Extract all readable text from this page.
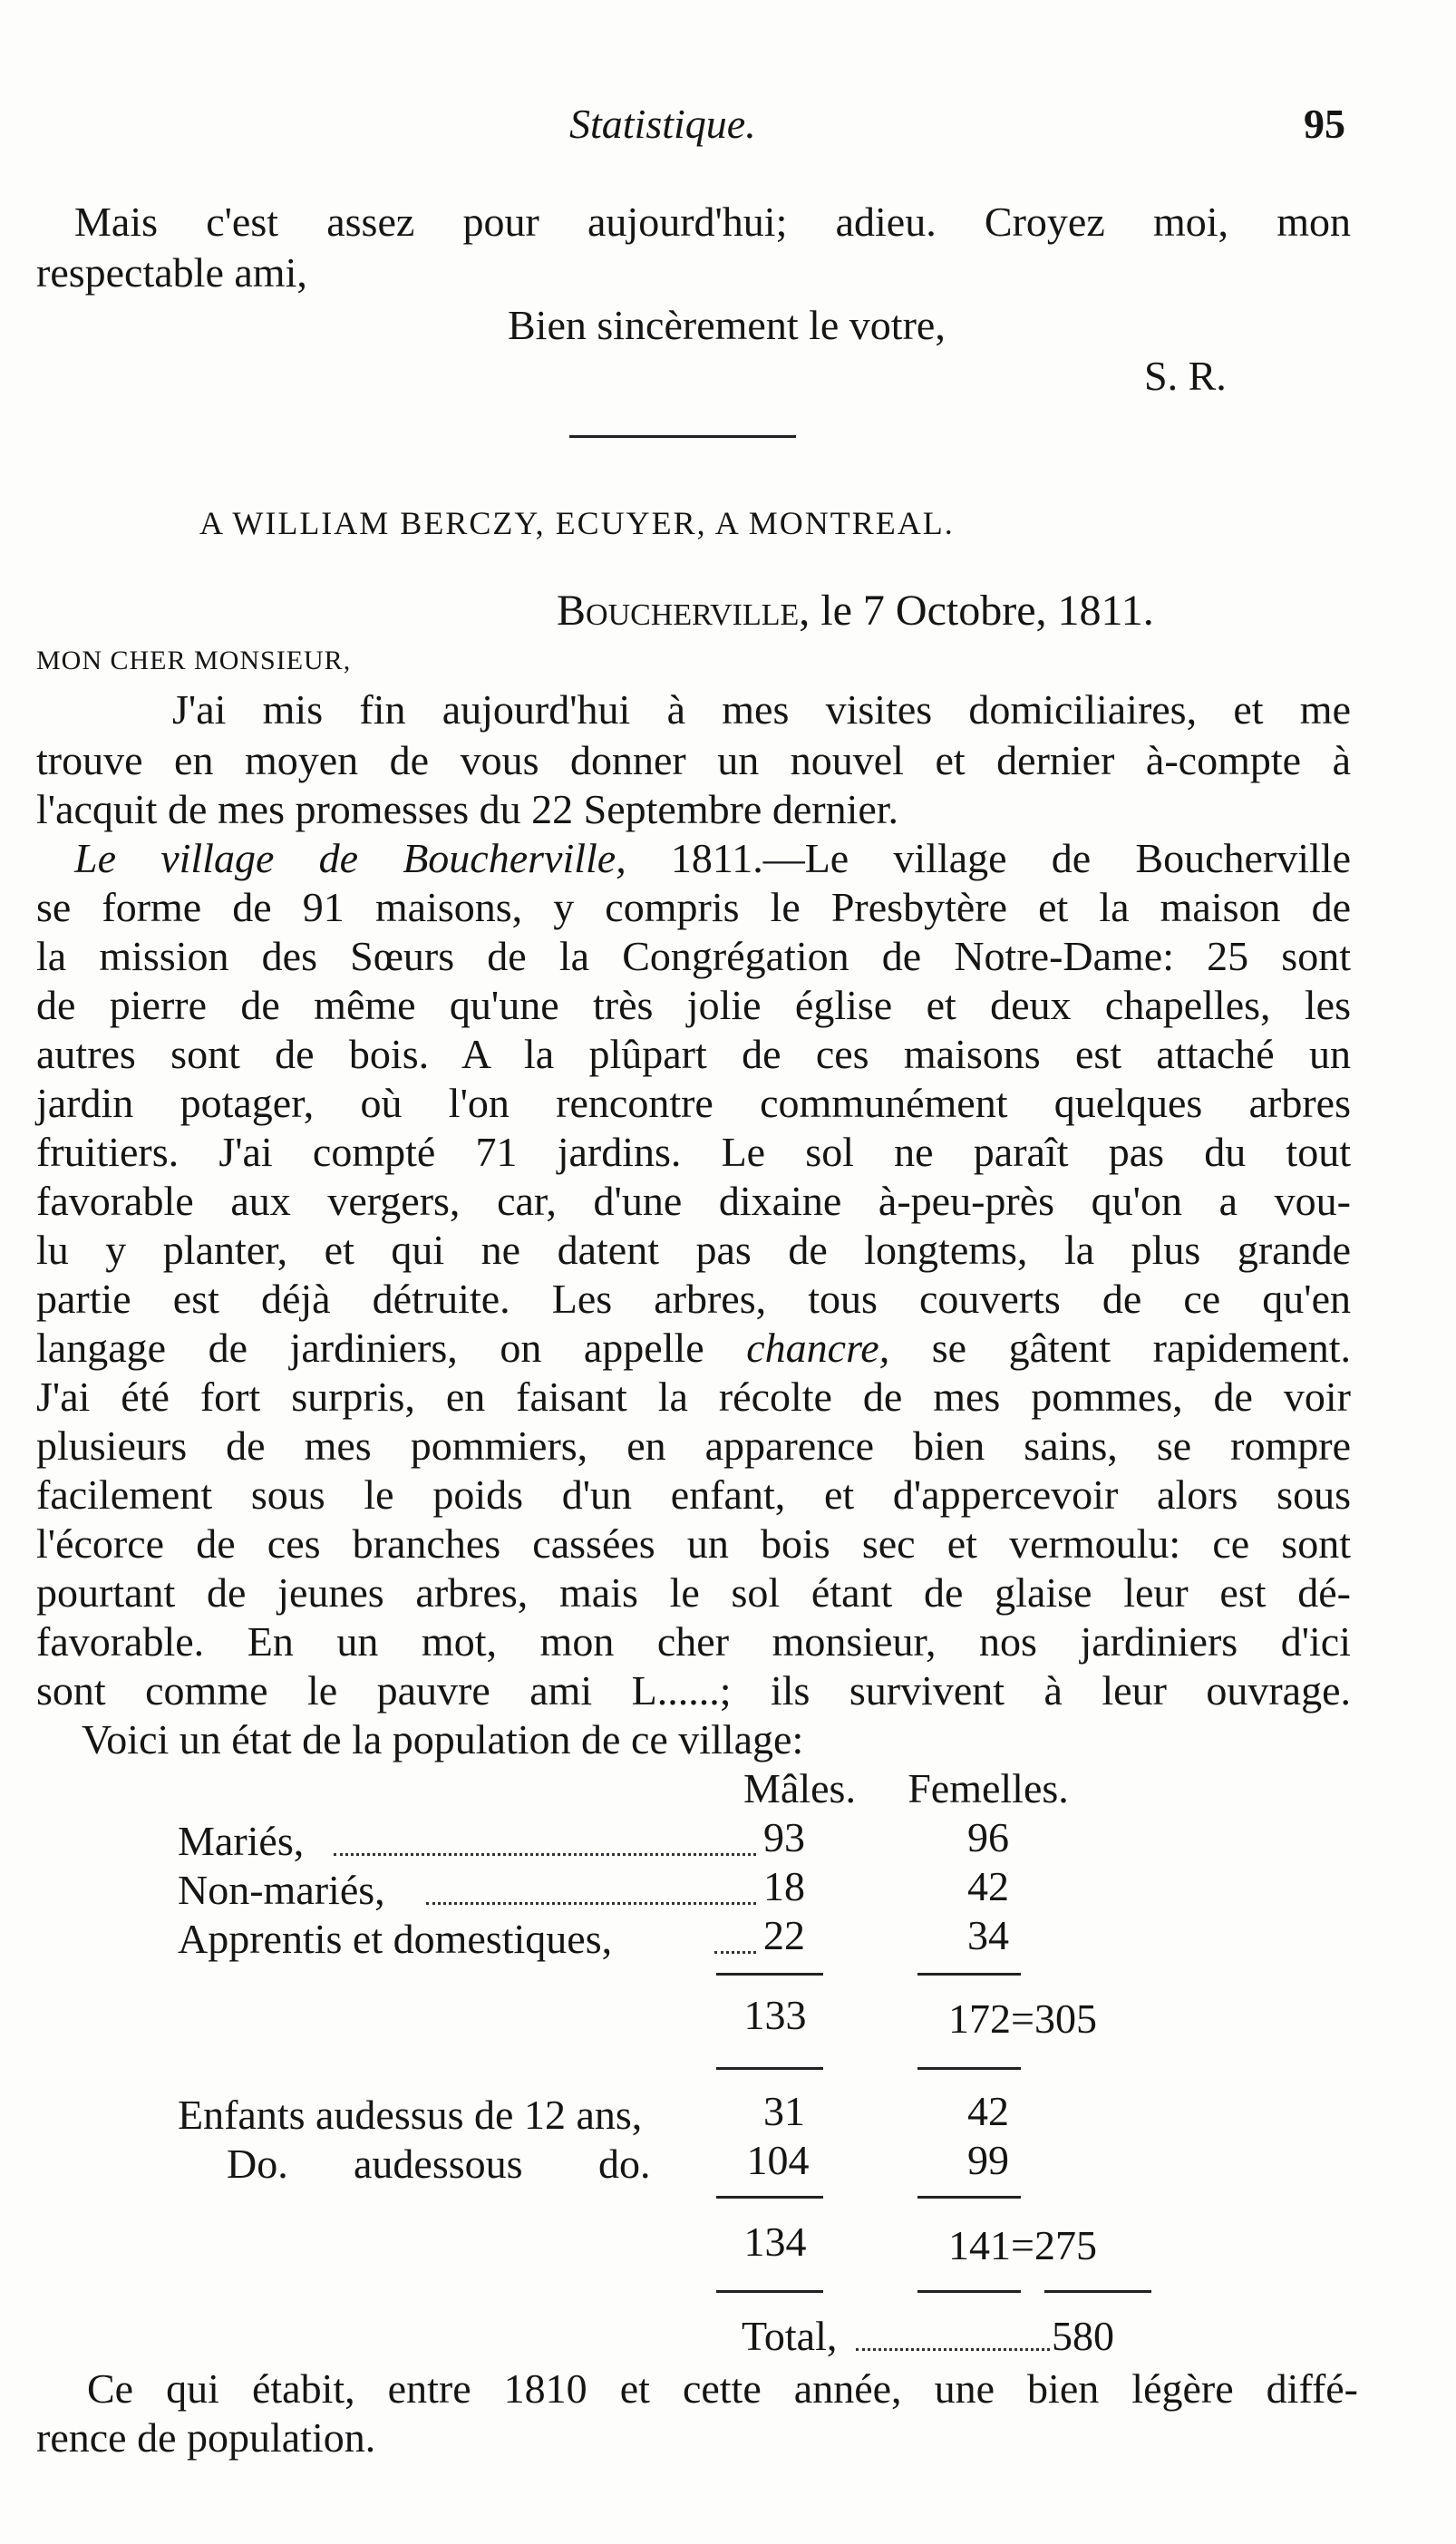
Statistique.	95
Mais c'est assez pour aujourd'hui; adieu. Croyez moi, mon
respectable ami,
Bien sincèrement le votre,
S. R.
A WILLIAM BERCZY, ECUYER, A MONTREAL.
Boucherville, le 7 Octobre, 1811.
MON CHER MONSIEUR,
J'ai mis fin aujourd'hui à mes visites domiciliaires, et me
trouve en moyen de vous donner un nouvel et dernier à-compte à
l'acquit de mes promesses du 22 Septembre dernier.
Le village de Boucherville, 1811.—Le village de Boucherville
se forme de 91 maisons, y compris le Presbytère et la maison de
la mission des Sœurs de la Congrégation de Notre-Dame: 25 sont
de pierre de même qu'une très jolie église et deux chapelles, les
autres sont de bois. A la plûpart de ces maisons est attaché un
jardin potager, où l'on rencontre communément quelques arbres
fruitiers. J'ai compté 71 jardins. Le sol ne paraît pas du tout
favorable aux vergers, car, d'une dixaine à-peu-près qu'on a vou-
lu y planter, et qui ne datent pas de longtems, la plus grande
partie est déjà détruite. Les arbres, tous couverts de ce qu'en
langage de jardiniers, on appelle chancre, se gâtent rapidement.
J'ai été fort surpris, en faisant la récolte de mes pommes, de voir
plusieurs de mes pommiers, en apparence bien sains, se rompre
facilement sous le poids d'un enfant, et d'appercevoir alors sous
l'écorce de ces branches cassées un bois sec et vermoulu: ce sont
pourtant de jeunes arbres, mais le sol étant de glaise leur est dé-
favorable. En un mot, mon cher monsieur, nos jardiniers d'ici
sont comme le pauvre ami L......; ils survivent à leur ouvrage.
Voici un état de la population de ce village:
Mâles.	Femelles.
Mariés,	93	96
Non-mariés,	18	42
Apprentis et domestiques,	22	34
133	172=305
Enfants audessus de 12 ans,	31	42
Do. audessous do.	104	99
134	141=275
Total,	580
Ce qui étabit, entre 1810 et cette année, une bien légère diffé-
rence de population.
